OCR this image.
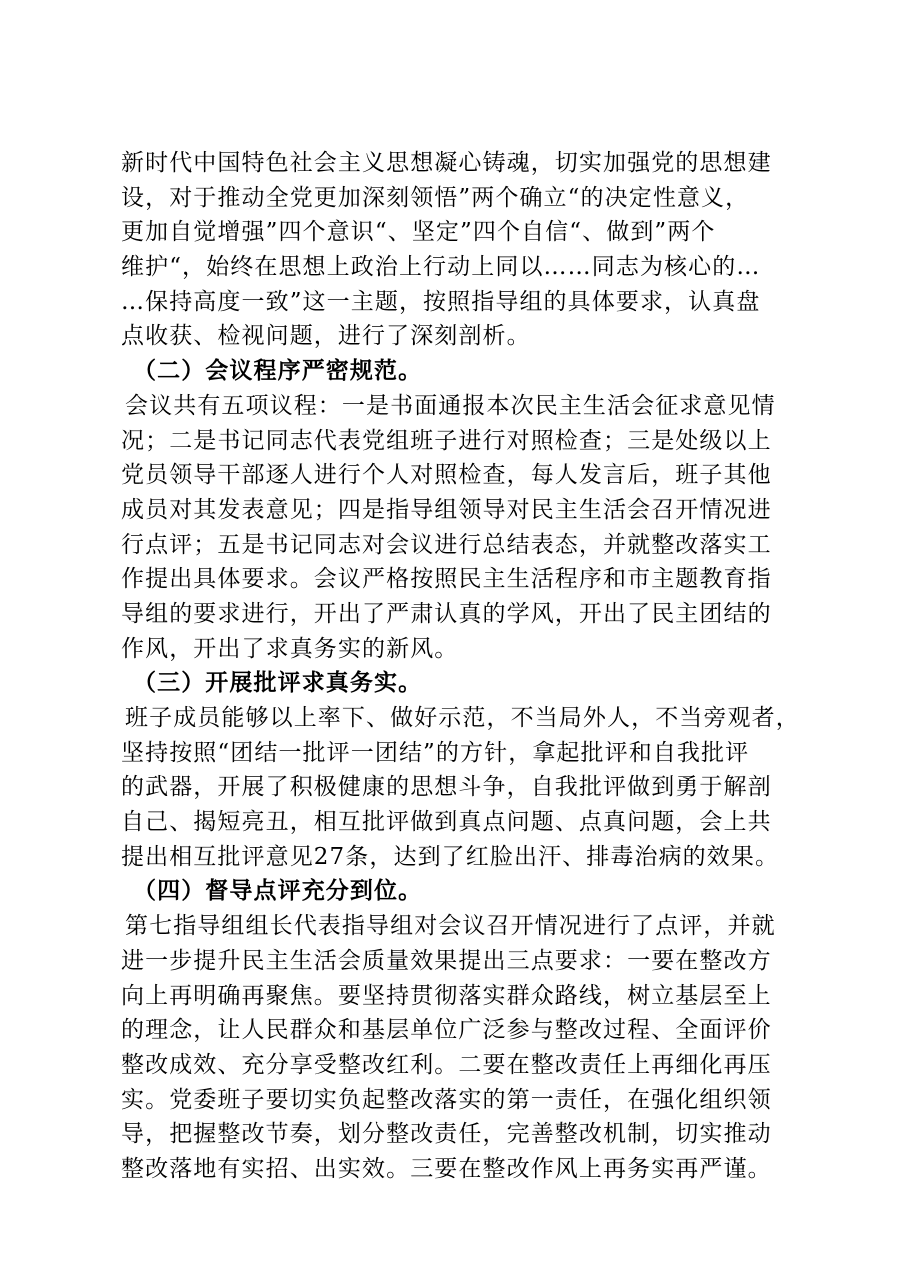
新时代中国特色社会主义思想凝心铸魂，切实加强党的思想建
设，对于推动全党更加深刻领悟”两个确立“的决定性意义，
更加自觉增强”四个意识“、坚定”四个自信“、做到”两个
维护“，始终在思想上政治上行动上同以……同志为核心的…
…保持高度一致”这一主题，按照指导组的具体要求，认真盘
点收获、检视问题，进行了深刻剖析。
（二）会议程序严密规范。
会议共有五项议程：一是书面通报本次民主生活会征求意见情
况；二是书记同志代表党组班子进行对照检查；三是处级以上
党员领导干部逐人进行个人对照检查，每人发言后，班子其他
成员对其发表意见；四是指导组领导对民主生活会召开情况进
行点评；五是书记同志对会议进行总结表态，并就整改落实工
作提出具体要求。会议严格按照民主生活程序和市主题教育指
导组的要求进行，开出了严肃认真的学风，开出了民主团结的
作风，开出了求真务实的新风。
（三）开展批评求真务实。
班子成员能够以上率下、做好示范，不当局外人，不当旁观者，
坚持按照“团结一批评一团结”的方针，拿起批评和自我批评
的武器，开展了积极健康的思想斗争，自我批评做到勇于解剖
自己、揭短亮丑，相互批评做到真点问题、点真问题，会上共
提出相互批评意见27条，达到了红脸出汗、排毒治病的效果。
（四）督导点评充分到位。
第七指导组组长代表指导组对会议召开情况进行了点评，并就
进一步提升民主生活会质量效果提出三点要求：一要在整改方
向上再明确再聚焦。要坚持贯彻落实群众路线，树立基层至上
的理念，让人民群众和基层单位广泛参与整改过程、全面评价
整改成效、充分享受整改红利。二要在整改责任上再细化再压
实。党委班子要切实负起整改落实的第一责任，在强化组织领
导，把握整改节奏，划分整改责任，完善整改机制，切实推动
整改落地有实招、出实效。三要在整改作风上再务实再严谨。
